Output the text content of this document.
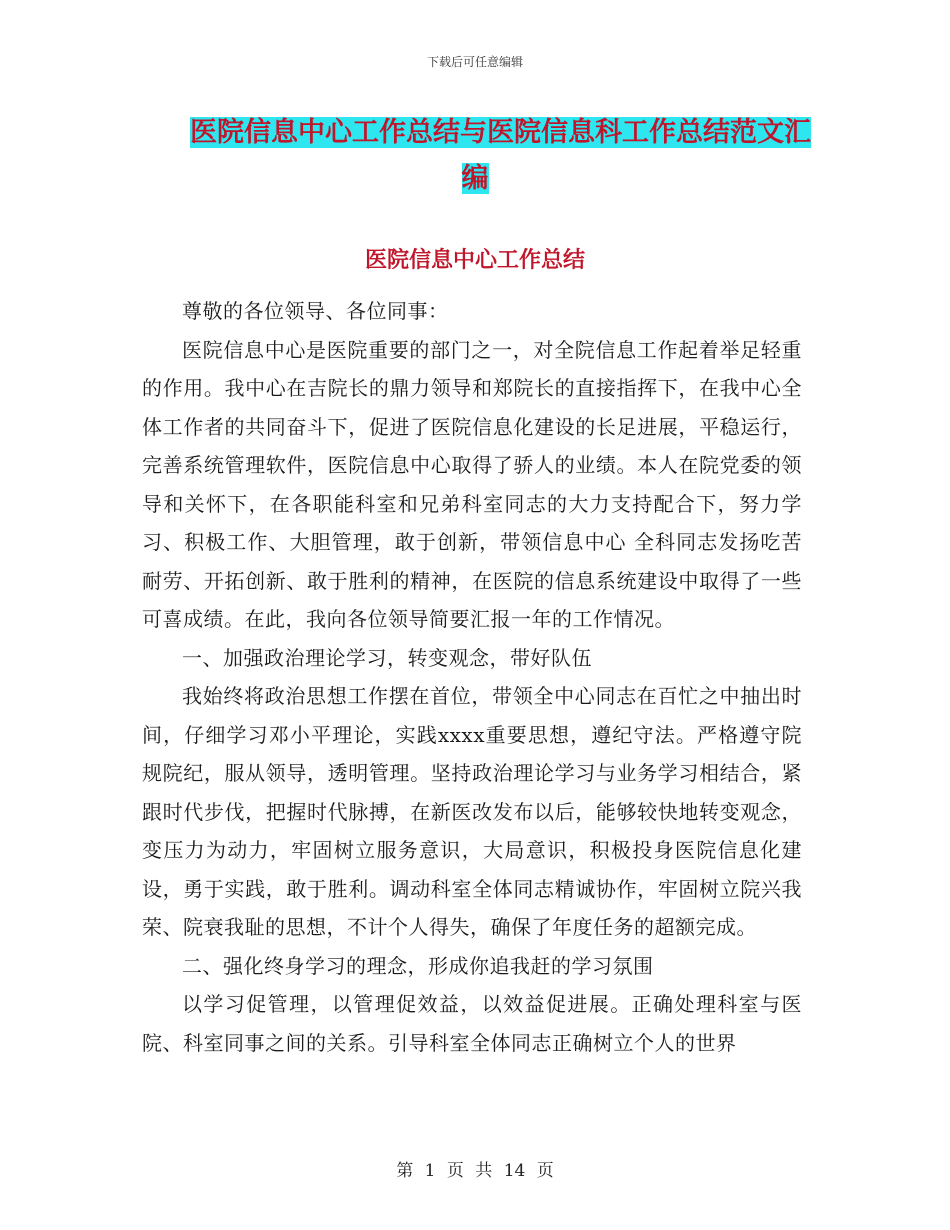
下载后可任意编辑
医院信息中心工作总结与医院信息科工作总结范文汇
编
医院信息中心工作总结

尊敬的各位领导、各位同事：

医院信息中心是医院重要的部门之一，对全院信息工作起着举足轻重的作用。我中心在吉院长的鼎力领导和郑院长的直接指挥下，在我中心全体工作者的共同奋斗下，促进了医院信息化建设的长足进展，平稳运行，完善系统管理软件，医院信息中心取得了骄人的业绩。本人在院党委的领导和关怀下，在各职能科室和兄弟科室同志的大力支持配合下，努力学习、积极工作、大胆管理，敢于创新，带领信息中心 全科同志发扬吃苦耐劳、开拓创新、敢于胜利的精神，在医院的信息系统建设中取得了一些可喜成绩。在此，我向各位领导简要汇报一年的工作情况。

一、加强政治理论学习，转变观念，带好队伍

我始终将政治思想工作摆在首位，带领全中心同志在百忙之中抽出时间，仔细学习邓小平理论，实践xxxx重要思想，遵纪守法。严格遵守院规院纪，服从领导，透明管理。坚持政治理论学习与业务学习相结合，紧跟时代步伐，把握时代脉搏，在新医改发布以后，能够较快地转变观念，变压力为动力，牢固树立服务意识，大局意识，积极投身医院信息化建设，勇于实践，敢于胜利。调动科室全体同志精诚协作，牢固树立院兴我荣、院衰我耻的思想，不计个人得失，确保了年度任务的超额完成。

二、强化终身学习的理念，形成你追我赶的学习氛围

以学习促管理，以管理促效益，以效益促进展。正确处理科室与医院、科室同事之间的关系。引导科室全体同志正确树立个人的世界

第 1 页 共 14 页
